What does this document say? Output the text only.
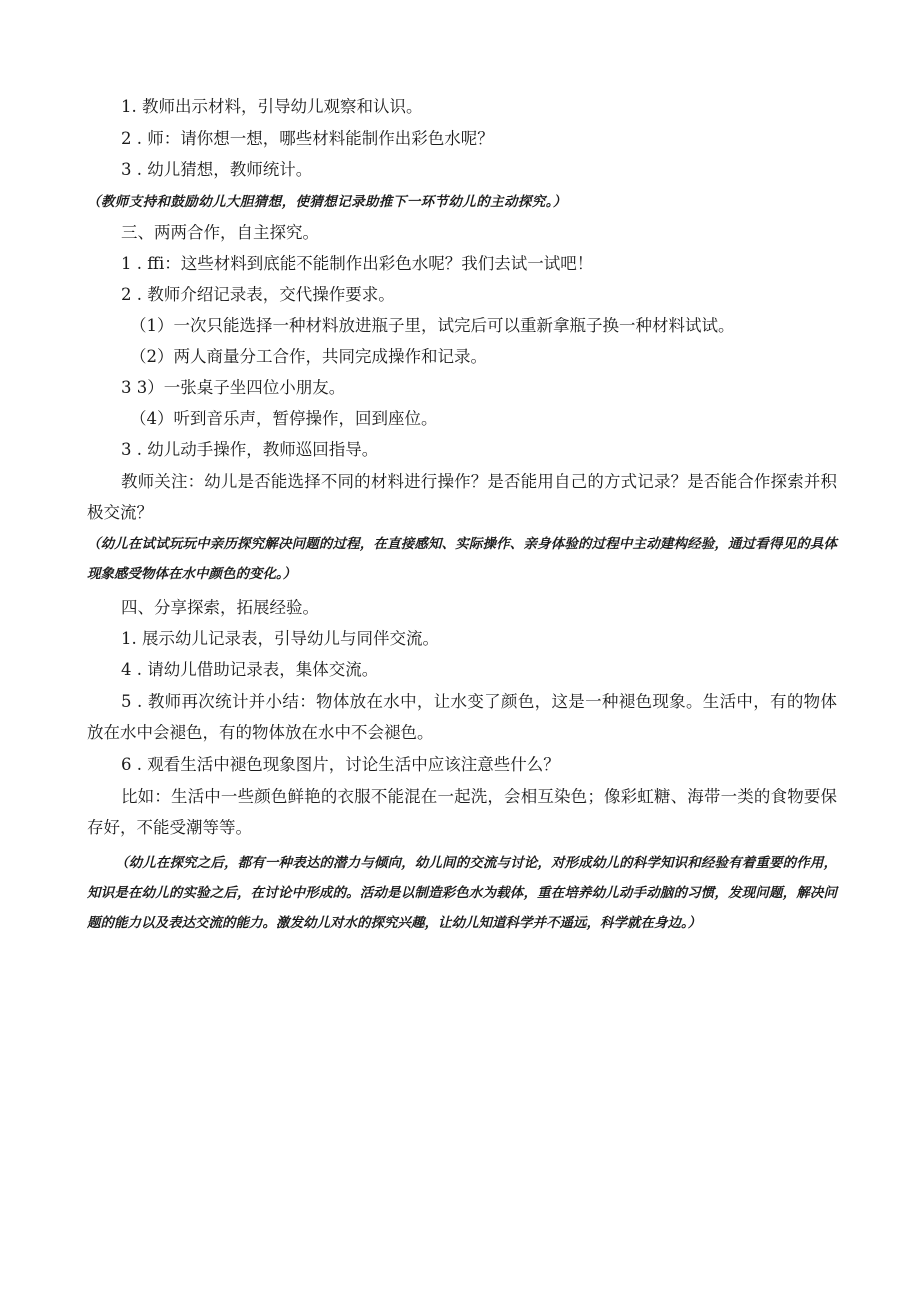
1. 教师出示材料，引导幼儿观察和认识。
2 . 师：请你想一想，哪些材料能制作出彩色水呢？
3 . 幼儿猜想，教师统计。
（教师支持和鼓励幼儿大胆猜想，使猜想记录助推下一环节幼儿的主动探究。）
三、两两合作，自主探究。
1 . ffi：这些材料到底能不能制作出彩色水呢？我们去试一试吧！
2 . 教师介绍记录表，交代操作要求。
（1）一次只能选择一种材料放进瓶子里，试完后可以重新拿瓶子换一种材料试试。
（2）两人商量分工合作，共同完成操作和记录。
3 3）一张桌子坐四位小朋友。
（4）听到音乐声，暂停操作，回到座位。
3 . 幼儿动手操作，教师巡回指导。
教师关注：幼儿是否能选择不同的材料进行操作？是否能用自己的方式记录？是否能合作探索并积极交流？
（幼儿在试试玩玩中亲历探究解决问题的过程，在直接感知、实际操作、亲身体验的过程中主动建构经验，通过看得见的具体现象感受物体在水中颜色的变化。）
四、分享探索，拓展经验。
1. 展示幼儿记录表，引导幼儿与同伴交流。
4 . 请幼儿借助记录表，集体交流。
5 . 教师再次统计并小结：物体放在水中，让水变了颜色，这是一种褪色现象。生活中，有的物体放在水中会褪色，有的物体放在水中不会褪色。
6 . 观看生活中褪色现象图片，讨论生活中应该注意些什么？
比如：生活中一些颜色鲜艳的衣服不能混在一起洗，会相互染色；像彩虹糖、海带一类的食物要保存好，不能受潮等等。
（幼儿在探究之后，都有一种表达的潜力与倾向，幼儿间的交流与讨论，对形成幼儿的科学知识和经验有着重要的作用，知识是在幼儿的实验之后，在讨论中形成的。活动是以制造彩色水为载体，重在培养幼儿动手动脑的习惯，发现问题，解决问题的能力以及表达交流的能力。激发幼儿对水的探究兴趣，让幼儿知道科学并不遥远，科学就在身边。）
